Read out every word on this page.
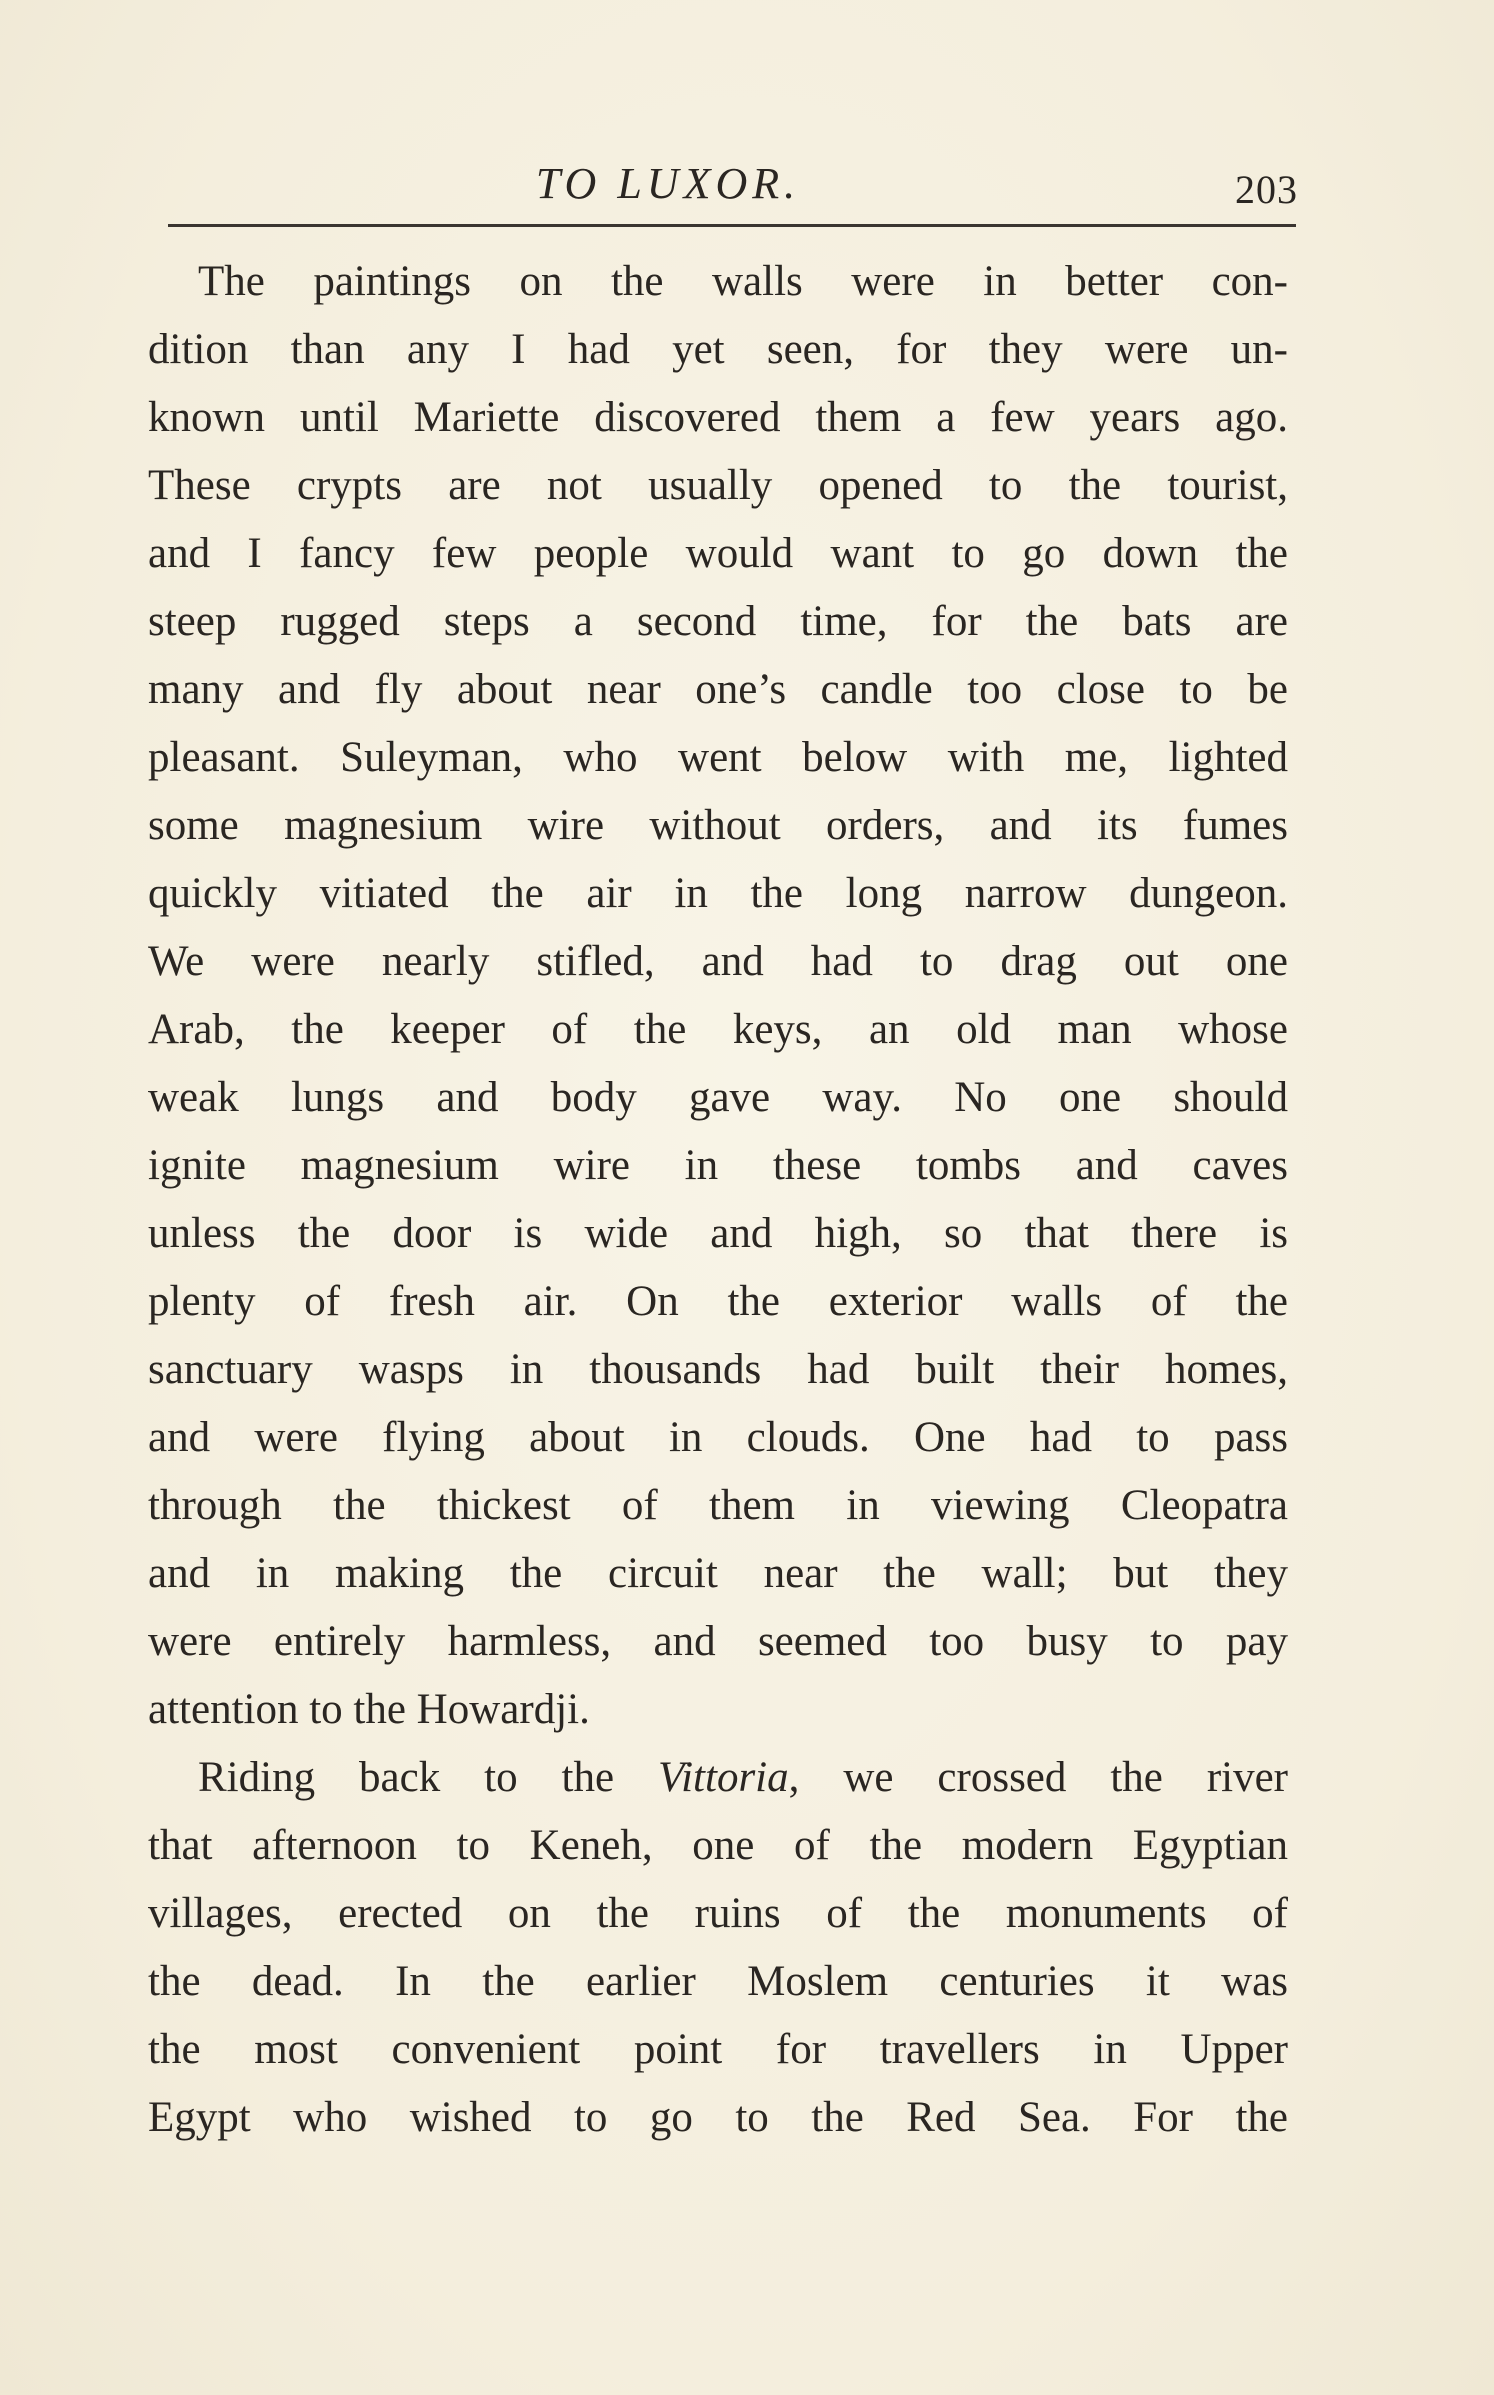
TO LUXOR.	203
The paintings on the walls were in better con-
dition than any I had yet seen, for they were un-
known until Mariette discovered them a few years ago.
These crypts are not usually opened to the tourist,
and I fancy few people would want to go down the
steep rugged steps a second time, for the bats are
many and fly about near one’s candle too close to be
pleasant. Suleyman, who went below with me, lighted
some magnesium wire without orders, and its fumes
quickly vitiated the air in the long narrow dungeon.
We were nearly stifled, and had to drag out one
Arab, the keeper of the keys, an old man whose
weak lungs and body gave way. No one should
ignite magnesium wire in these tombs and caves
unless the door is wide and high, so that there is
plenty of fresh air. On the exterior walls of the
sanctuary wasps in thousands had built their homes,
and were flying about in clouds. One had to pass
through the thickest of them in viewing Cleopatra
and in making the circuit near the wall; but they
were entirely harmless, and seemed too busy to pay
attention to the Howardji.
Riding back to the Vittoria, we crossed the river
that afternoon to Keneh, one of the modern Egyptian
villages, erected on the ruins of the monuments of
the dead. In the earlier Moslem centuries it was
the most convenient point for travellers in Upper
Egypt who wished to go to the Red Sea. For the
